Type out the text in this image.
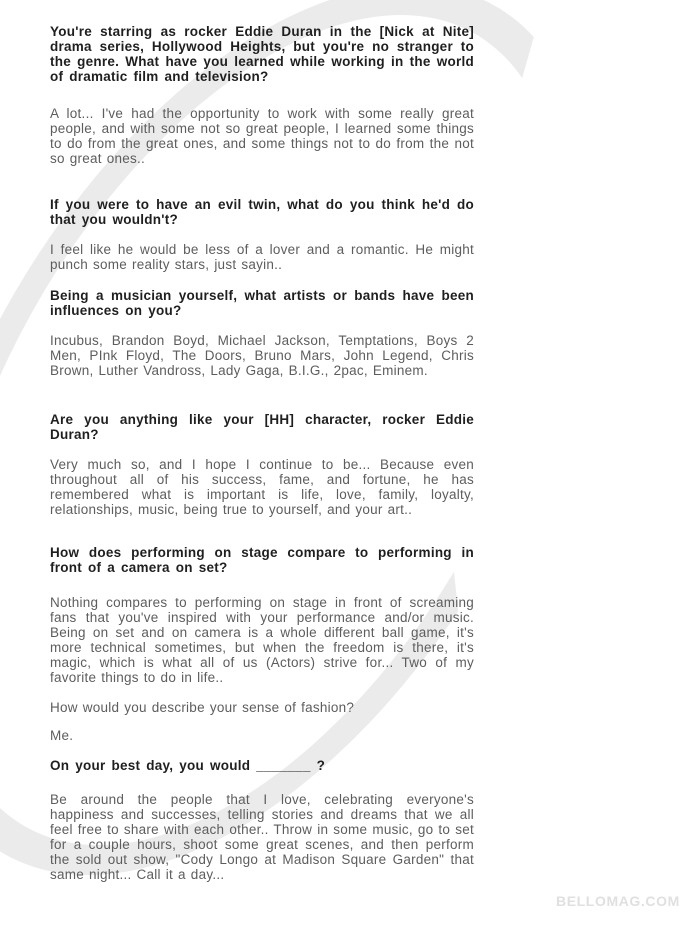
You're starring as rocker Eddie Duran in the [Nick at Nite] drama series, Hollywood Heights, but you're no stranger to the genre. What have you learned while working in the world of dramatic film and television?

A lot... I've had the opportunity to work with some really great people, and with some not so great people, I learned some things to do from the great ones, and some things not to do from the not so great ones..

If you were to have an evil twin, what do you think he'd do that you wouldn't?

I feel like he would be less of a lover and a romantic. He might punch some reality stars, just sayin..

Being a musician yourself, what artists or bands have been influences on you?

Incubus, Brandon Boyd, Michael Jackson, Temptations, Boys 2 Men, PInk Floyd, The Doors, Bruno Mars, John Legend, Chris Brown, Luther Vandross, Lady Gaga, B.I.G., 2pac, Eminem.

Are you anything like your [HH] character, rocker Eddie Duran?

Very much so, and I hope I continue to be... Because even throughout all of his success, fame, and fortune, he has remembered what is important is life, love, family, loyalty, relationships, music, being true to yourself, and your art..

How does performing on stage compare to performing in front of a camera on set?

Nothing compares to performing on stage in front of screaming fans that you've inspired with your performance and/or music. Being on set and on camera is a whole different ball game, it's more technical sometimes, but when the freedom is there, it's magic, which is what all of us (Actors) strive for... Two of my favorite things to do in life..

How would you describe your sense of fashion?

Me.

On your best day, you would _______ ?

Be around the people that I love, celebrating everyone's happiness and successes, telling stories and dreams that we all feel free to share with each other.. Throw in some music, go to set for a couple hours, shoot some great scenes, and then perform the sold out show, "Cody Longo at Madison Square Garden" that same night... Call it a day...

BELLOMAG.COM
